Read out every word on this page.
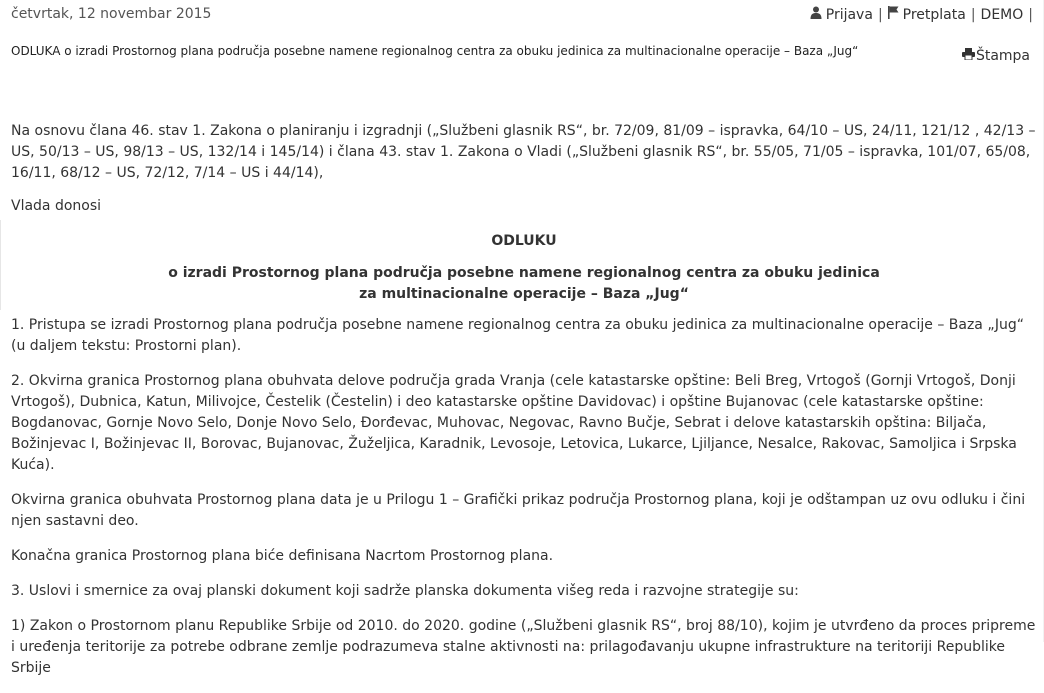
četvrtak, 12 novembar 2015	Prijava | Pretplata | DEMO |
ODLUKA o izradi Prostornog plana područja posebne namene regionalnog centra za obuku jedinica za multinacionalne operacije – Baza „Jug“	Štampa

Na osnovu člana 46. stav 1. Zakona o planiranju i izgradnji („Službeni glasnik RS“, br. 72/09, 81/09 – ispravka, 64/10 – US, 24/11, 121/12 , 42/13 – US, 50/13 – US, 98/13 – US, 132/14 i 145/14) i člana 43. stav 1. Zakona o Vladi („Službeni glasnik RS“, br. 55/05, 71/05 – ispravka, 101/07, 65/08, 16/11, 68/12 – US, 72/12, 7/14 – US i 44/14),

Vlada donosi

ODLUKU

o izradi Prostornog plana područja posebne namene regionalnog centra za obuku jedinica
za multinacionalne operacije – Baza „Jug“

1. Pristupa se izradi Prostornog plana područja posebne namene regionalnog centra za obuku jedinica za multinacionalne operacije – Baza „Jug“ (u daljem tekstu: Prostorni plan).

2. Okvirna granica Prostornog plana obuhvata delove područja grada Vranja (cele katastarske opštine: Beli Breg, Vrtogoš (Gornji Vrtogoš, Donji Vrtogoš), Dubnica, Katun, Milivojce, Čestelik (Čestelin) i deo katastarske opštine Davidovac) i opštine Bujanovac (cele katastarske opštine: Bogdanovac, Gornje Novo Selo, Donje Novo Selo, Đorđevac, Muhovac, Negovac, Ravno Bučje, Sebrat i delove katastarskih opština: Biljača, Božinjevac I, Božinjevac II, Borovac, Bujanovac, Žuželjica, Karadnik, Levosoje, Letovica, Lukarce, Ljiljance, Nesalce, Rakovac, Samoljica i Srpska Kuća).

Okvirna granica obuhvata Prostornog plana data je u Prilogu 1 – Grafički prikaz područja Prostornog plana, koji je odštampan uz ovu odluku i čini njen sastavni deo.

Konačna granica Prostornog plana biće definisana Nacrtom Prostornog plana.

3. Uslovi i smernice za ovaj planski dokument koji sadrže planska dokumenta višeg reda i razvojne strategije su:

1) Zakon o Prostornom planu Republike Srbije od 2010. do 2020. godine („Službeni glasnik RS“, broj 88/10), kojim je utvrđeno da proces pripreme i uređenja teritorije za potrebe odbrane zemlje podrazumeva stalne aktivnosti na: prilagođavanju ukupne infrastrukture na teritoriji Republike Srbije
